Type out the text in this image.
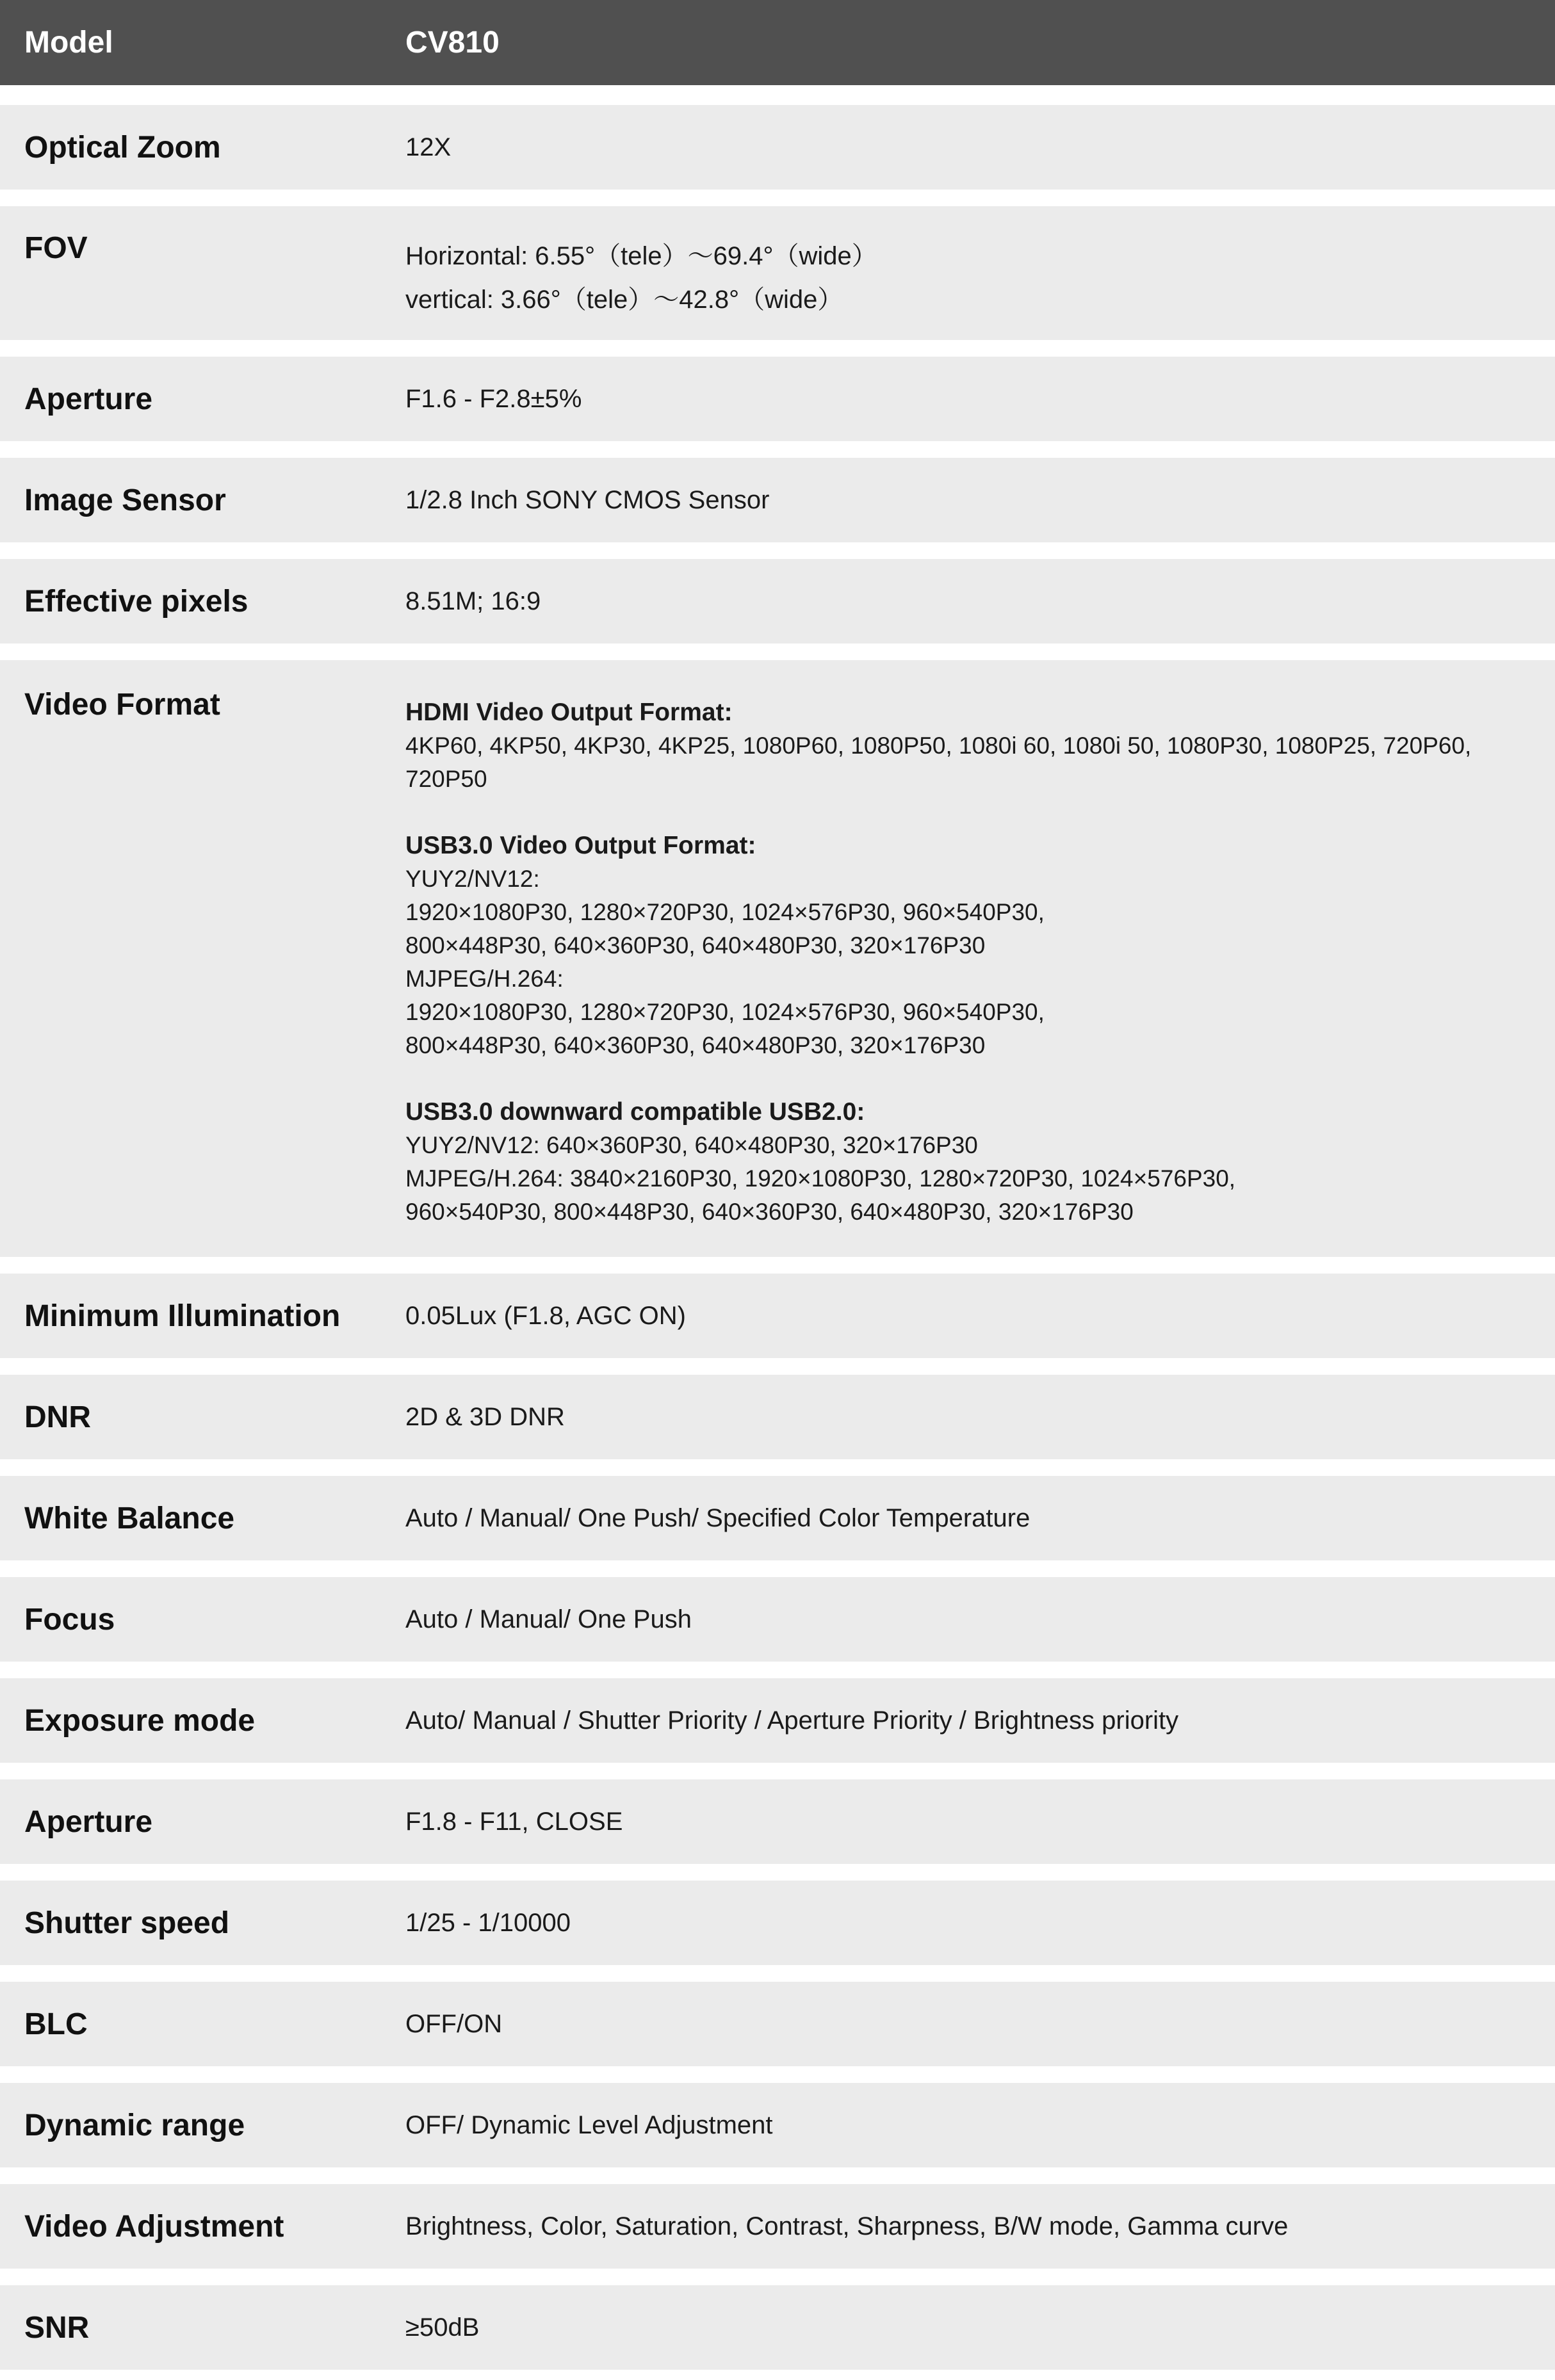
Model	CV810
Optical Zoom	12X
FOV	Horizontal: 6.55°（tele）～69.4°（wide）
vertical: 3.66°（tele）～42.8°（wide）
Aperture	F1.6 - F2.8±5%
Image Sensor	1/2.8 Inch SONY CMOS Sensor
Effective pixels	8.51M; 16:9
Video Format	HDMI Video Output Format:
4KP60, 4KP50, 4KP30, 4KP25, 1080P60, 1080P50, 1080i 60, 1080i 50, 1080P30, 1080P25, 720P60,
720P50
USB3.0 Video Output Format:
YUY2/NV12:
1920×1080P30, 1280×720P30, 1024×576P30, 960×540P30,
800×448P30, 640×360P30, 640×480P30, 320×176P30
MJPEG/H.264:
1920×1080P30, 1280×720P30, 1024×576P30, 960×540P30,
800×448P30, 640×360P30, 640×480P30, 320×176P30
USB3.0 downward compatible USB2.0:
YUY2/NV12: 640×360P30, 640×480P30, 320×176P30
MJPEG/H.264: 3840×2160P30, 1920×1080P30, 1280×720P30, 1024×576P30,
960×540P30, 800×448P30, 640×360P30, 640×480P30, 320×176P30
Minimum Illumination	0.05Lux (F1.8, AGC ON)
DNR	2D & 3D DNR
White Balance	Auto / Manual/ One Push/ Specified Color Temperature
Focus	Auto / Manual/ One Push
Exposure mode	Auto/ Manual / Shutter Priority / Aperture Priority / Brightness priority
Aperture	F1.8 - F11, CLOSE
Shutter speed	1/25 - 1/10000
BLC	OFF/ON
Dynamic range	OFF/ Dynamic Level Adjustment
Video Adjustment	Brightness, Color, Saturation, Contrast, Sharpness, B/W mode, Gamma curve
SNR	≥50dB
